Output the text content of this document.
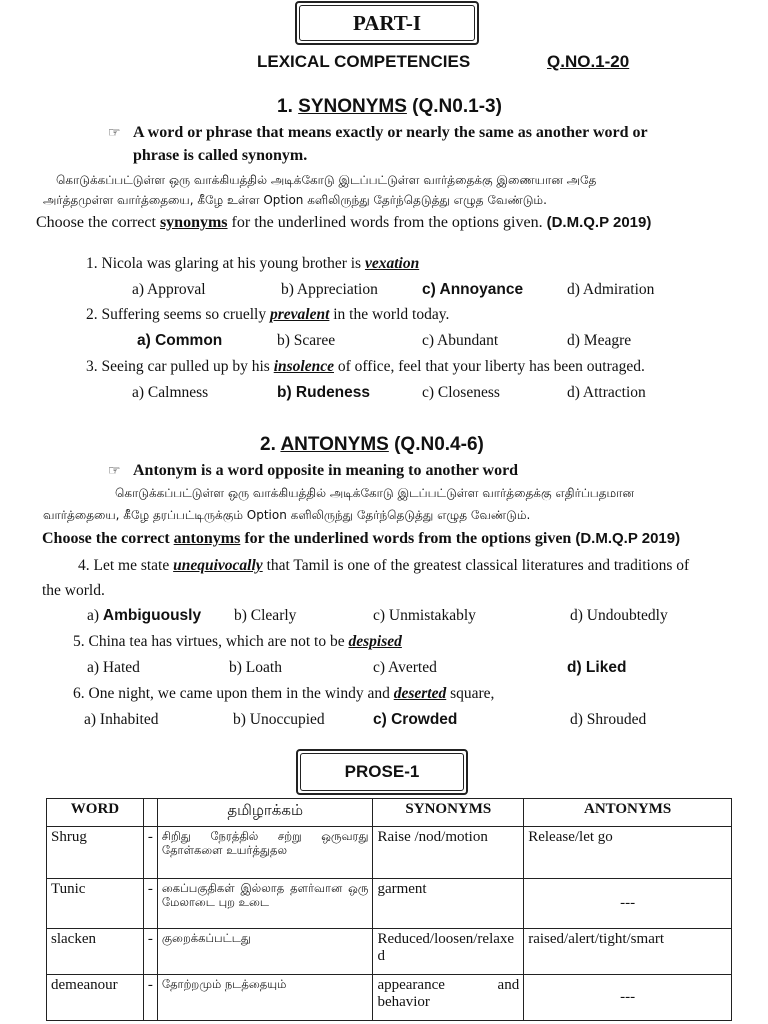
PART-I
LEXICAL COMPETENCIES	Q.NO.1-20
1. SYNONYMS (Q.N0.1-3)
☞ A word or phrase that means exactly or nearly the same as another word or
phrase is called synonym.
கொடுக்கப்பட்டுள்ள ஒரு வாக்கியத்தில் அடிக்கோடு இடப்பட்டுள்ள வார்த்தைக்கு இணையான அதே
அர்த்தமுள்ள வார்த்தையை, கீழே உள்ள Option களிலிருந்து தேர்ந்தெடுத்து எழுத வேண்டும்.
Choose the correct synonyms for the underlined words from the options given. (D.M.Q.P 2019)
1. Nicola was glaring at his young brother is vexation
a) Approval	b) Appreciation	c) Annoyance	d) Admiration
2. Suffering seems so cruelly prevalent in the world today.
a) Common	b) Scaree	c) Abundant	d) Meagre
3. Seeing car pulled up by his insolence of office, feel that your liberty has been outraged.
a) Calmness	b) Rudeness	c) Closeness	d) Attraction
2. ANTONYMS (Q.N0.4-6)
☞ Antonym is a word opposite in meaning to another word
கொடுக்கப்பட்டுள்ள ஒரு வாக்கியத்தில் அடிக்கோடு இடப்பட்டுள்ள வார்த்தைக்கு எதிர்ப்பதமான
வார்த்தையை, கீழே தரப்பட்டிருக்கும் Option களிலிருந்து தேர்ந்தெடுத்து எழுத வேண்டும்.
Choose the correct antonyms for the underlined words from the options given (D.M.Q.P 2019)
4. Let me state unequivocally that Tamil is one of the greatest classical literatures and traditions of
the world.
a) Ambiguously b) Clearly	c) Unmistakably	d) Undoubtedly
5. China tea has virtues, which are not to be despised
a) Hated	b) Loath	c) Averted	d) Liked
6. One night, we came upon them in the windy and deserted square,
a) Inhabited	b) Unoccupied	c) Crowded	d) Shrouded
PROSE-1
WORD		தமிழாக்கம்	SYNONYMS	ANTONYMS
Shrug	-	சிறிது நேரத்தில் சற்று ஒருவரது தோள்களை உயர்த்துதல	Raise /nod/motion	Release/let go
Tunic	-	கைப்பகுதிகள் இல்லாத தளர்வான ஒரு மேலாடை புற உடை	garment	---
slacken	-	குறைக்கப்பட்டது	Reduced/loosen/relaxed	raised/alert/tight/smart
demeanour	-	தோற்றமும் நடத்தையும்	appearance and behavior	---
